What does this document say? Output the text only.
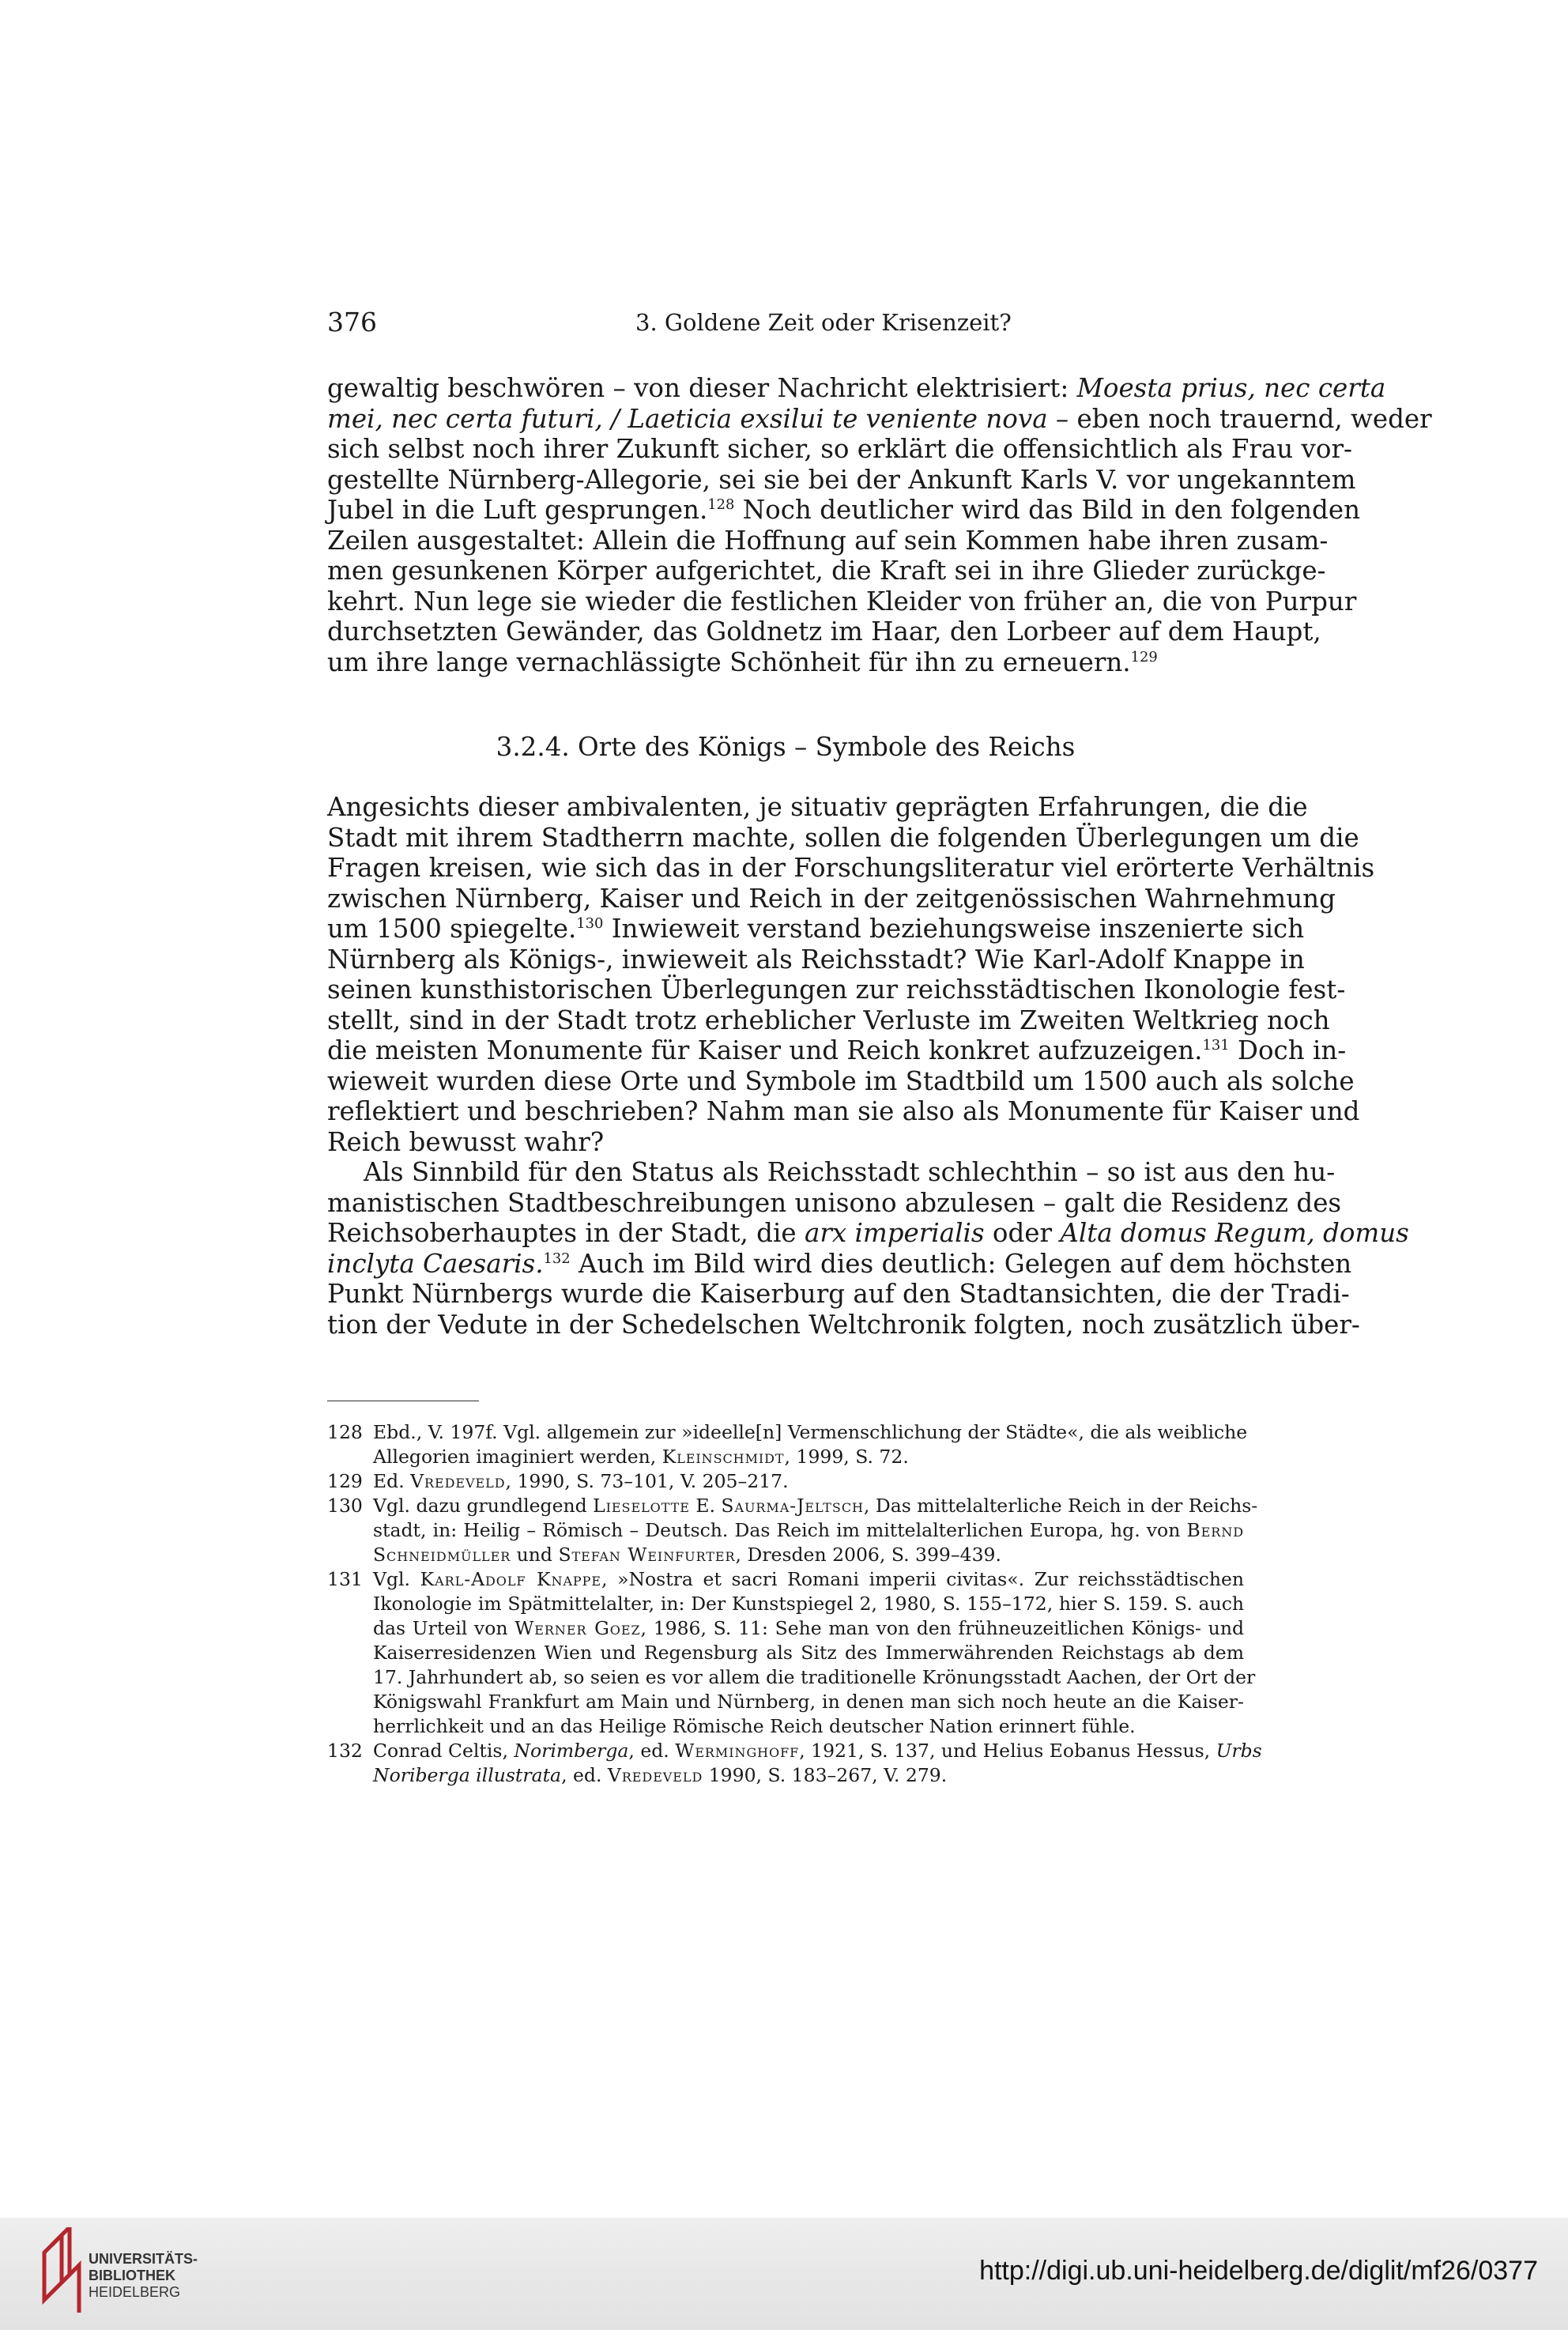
376	3. Goldene Zeit oder Krisenzeit?
gewaltig beschwören – von dieser Nachricht elektrisiert: Moesta prius, nec certa
mei, nec certa futuri, / Laeticia exsilui te veniente nova – eben noch trauernd, weder
sich selbst noch ihrer Zukunft sicher, so erklärt die offensichtlich als Frau vor-
gestellte Nürnberg-Allegorie, sei sie bei der Ankunft Karls V. vor ungekanntem
Jubel in die Luft gesprungen.$^{128}$ Noch deutlicher wird das Bild in den folgenden
Zeilen ausgestaltet: Allein die Hoffnung auf sein Kommen habe ihren zusam-
men gesunkenen Körper aufgerichtet, die Kraft sei in ihre Glieder zurückge-
kehrt. Nun lege sie wieder die festlichen Kleider von früher an, die von Purpur
durchsetzten Gewänder, das Goldnetz im Haar, den Lorbeer auf dem Haupt,
um ihre lange vernachlässigte Schönheit für ihn zu erneuern.$^{129}$
3.2.4. Orte des Königs – Symbole des Reichs
Angesichts dieser ambivalenten, je situativ geprägten Erfahrungen, die die
Stadt mit ihrem Stadtherrn machte, sollen die folgenden Überlegungen um die
Fragen kreisen, wie sich das in der Forschungsliteratur viel erörterte Verhältnis
zwischen Nürnberg, Kaiser und Reich in der zeitgenössischen Wahrnehmung
um 1500 spiegelte.$^{130}$ Inwieweit verstand beziehungsweise inszenierte sich
Nürnberg als Königs-, inwieweit als Reichsstadt? Wie Karl-Adolf Knappe in
seinen kunsthistorischen Überlegungen zur reichsstädtischen Ikonologie fest-
stellt, sind in der Stadt trotz erheblicher Verluste im Zweiten Weltkrieg noch
die meisten Monumente für Kaiser und Reich konkret aufzuzeigen.$^{131}$ Doch in-
wieweit wurden diese Orte und Symbole im Stadtbild um 1500 auch als solche
reflektiert und beschrieben? Nahm man sie also als Monumente für Kaiser und
Reich bewusst wahr?
Als Sinnbild für den Status als Reichsstadt schlechthin – so ist aus den hu-
manistischen Stadtbeschreibungen unisono abzulesen – galt die Residenz des
Reichsoberhauptes in der Stadt, die arx imperialis oder Alta domus Regum, domus
inclyta Caesaris.$^{132}$ Auch im Bild wird dies deutlich: Gelegen auf dem höchsten
Punkt Nürnbergs wurde die Kaiserburg auf den Stadtansichten, die der Tradi-
tion der Vedute in der Schedelschen Weltchronik folgten, noch zusätzlich über-
128 Ebd., V. 197f. Vgl. allgemein zur »ideelle[n] Vermenschlichung der Städte«, die als weibliche
Allegorien imaginiert werden, Kleinschmidt, 1999, S. 72.
129 Ed. Vredeveld, 1990, S. 73–101, V. 205–217.
130 Vgl. dazu grundlegend Lieselotte E. Saurma-Jeltsch, Das mittelalterliche Reich in der Reichs-
stadt, in: Heilig – Römisch – Deutsch. Das Reich im mittelalterlichen Europa, hg. von Bernd
Schneidmüller und Stefan Weinfurter, Dresden 2006, S. 399–439.
131 Vgl. Karl-Adolf Knappe, »Nostra et sacri Romani imperii civitas«. Zur reichsstädtischen
Ikonologie im Spätmittelalter, in: Der Kunstspiegel 2, 1980, S. 155–172, hier S. 159. S. auch
das Urteil von Werner Goez, 1986, S. 11: Sehe man von den frühneuzeitlichen Königs- und
Kaiserresidenzen Wien und Regensburg als Sitz des Immerwährenden Reichstags ab dem
17. Jahrhundert ab, so seien es vor allem die traditionelle Krönungsstadt Aachen, der Ort der
Königswahl Frankfurt am Main und Nürnberg, in denen man sich noch heute an die Kaiser-
herrlichkeit und an das Heilige Römische Reich deutscher Nation erinnert fühle.
132 Conrad Celtis, Norimberga, ed. Werminghoff, 1921, S. 137, und Helius Eobanus Hessus, Urbs
Noriberga illustrata, ed. Vredeveld 1990, S. 183–267, V. 279.
UNIVERSITÄTS-
BIBLIOTHEK
HEIDELBERG
http://digi.ub.uni-heidelberg.de/diglit/mf26/0377
